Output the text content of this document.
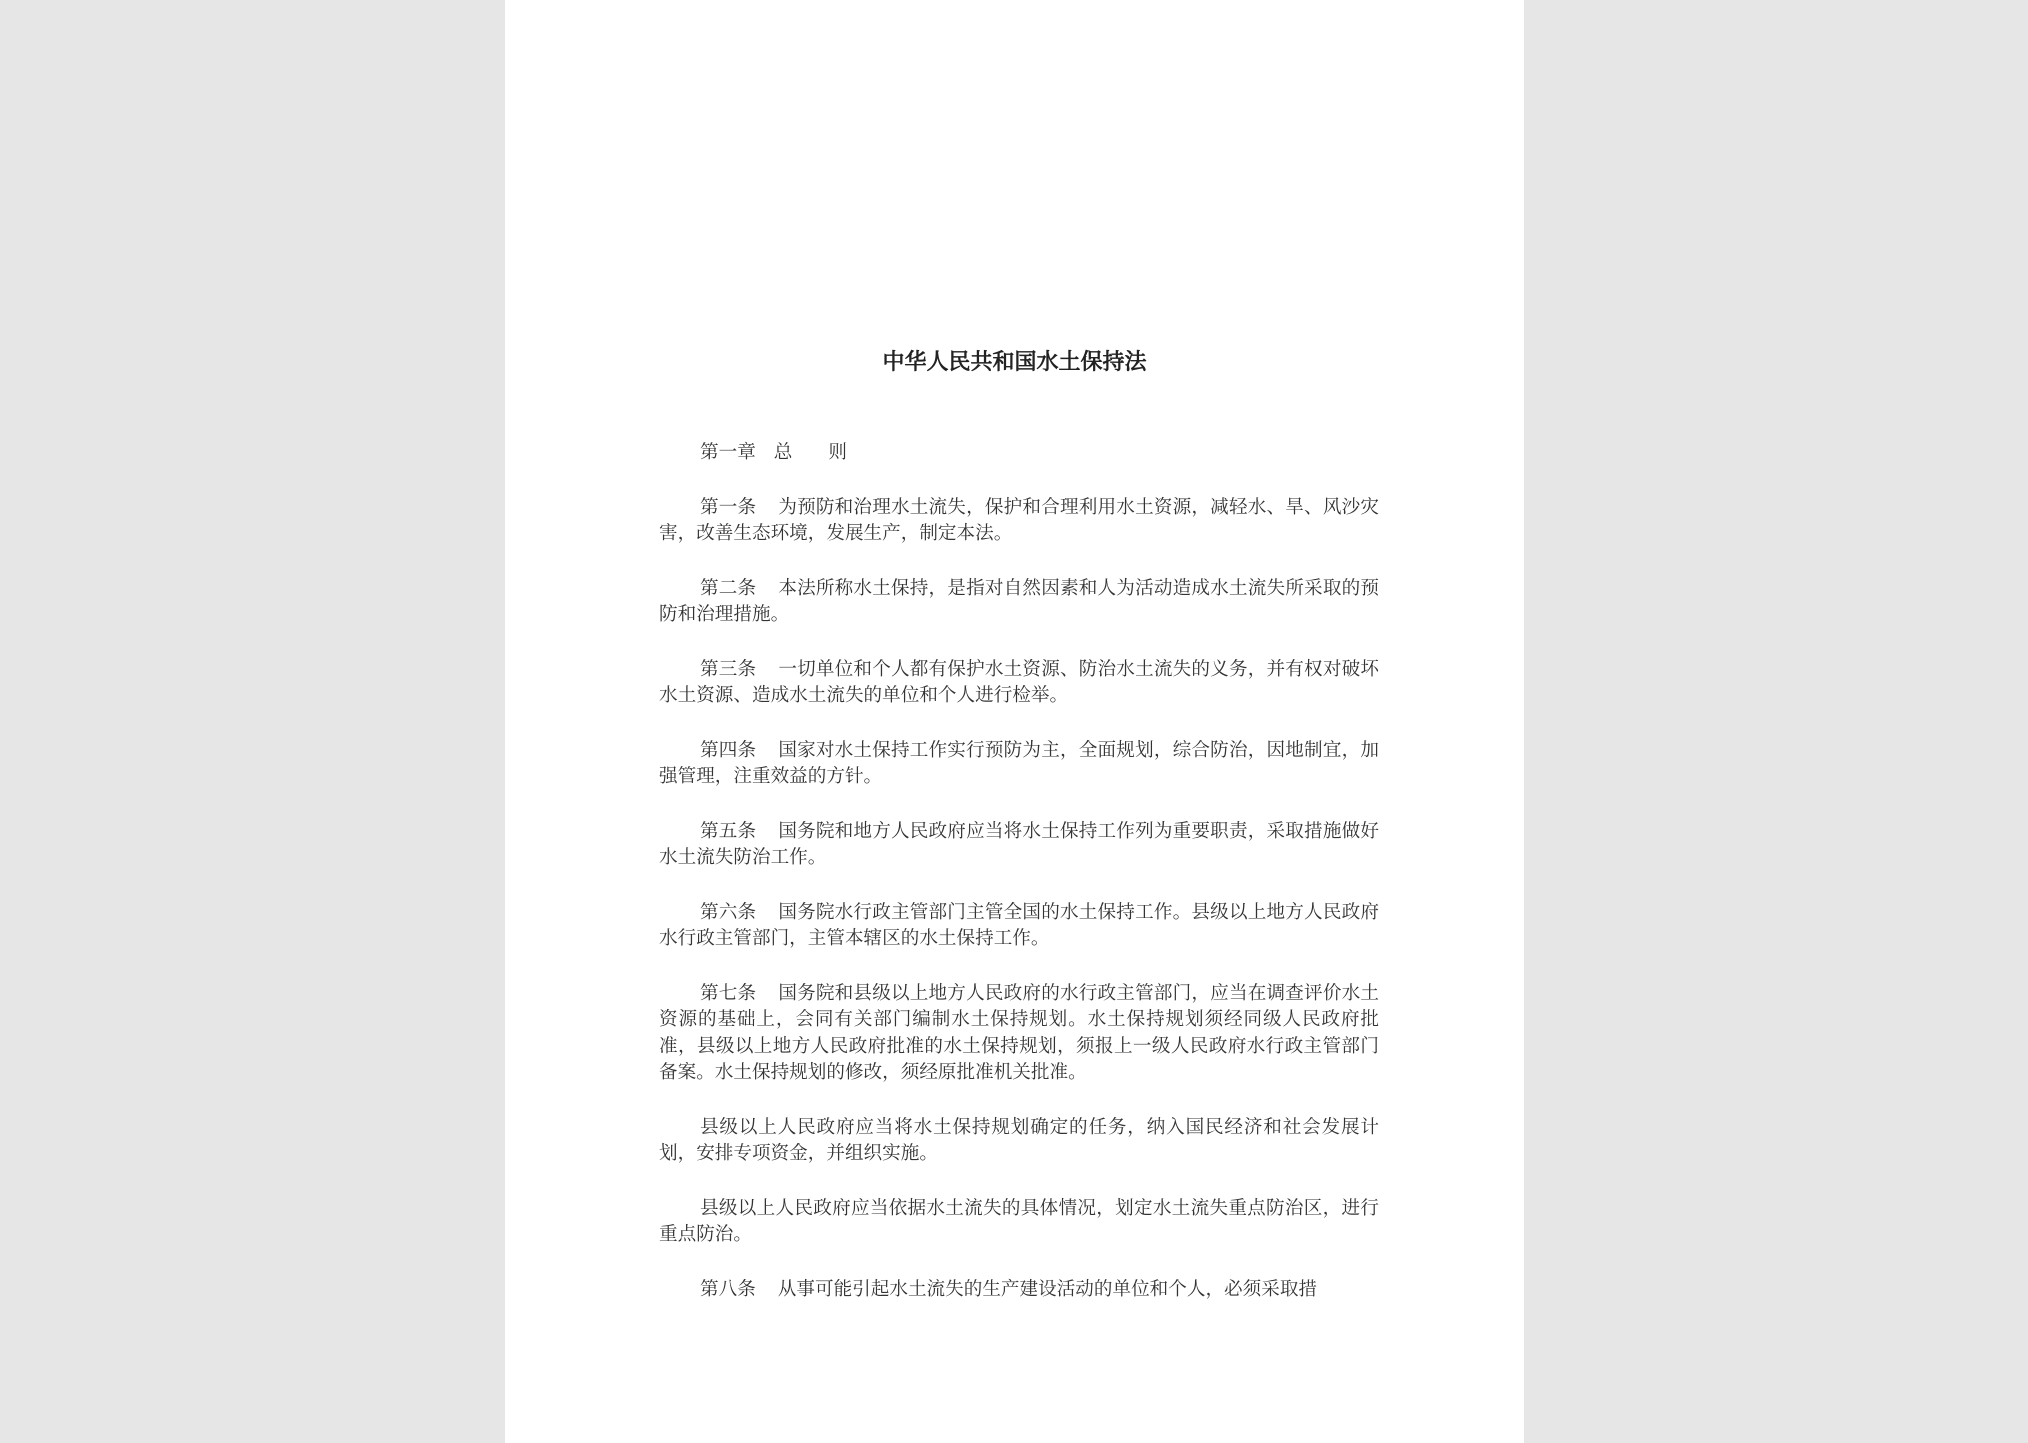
中华人民共和国水土保持法

第一章 总 则

第一条 为预防和治理水土流失，保护和合理利用水土资源，减轻水、旱、风沙灾害，改善生态环境，发展生产，制定本法。

第二条 本法所称水土保持，是指对自然因素和人为活动造成水土流失所采取的预防和治理措施。

第三条 一切单位和个人都有保护水土资源、防治水土流失的义务，并有权对破坏水土资源、造成水土流失的单位和个人进行检举。

第四条 国家对水土保持工作实行预防为主，全面规划，综合防治，因地制宜，加强管理，注重效益的方针。

第五条 国务院和地方人民政府应当将水土保持工作列为重要职责，采取措施做好水土流失防治工作。

第六条 国务院水行政主管部门主管全国的水土保持工作。县级以上地方人民政府水行政主管部门，主管本辖区的水土保持工作。

第七条 国务院和县级以上地方人民政府的水行政主管部门，应当在调查评价水土资源的基础上，会同有关部门编制水土保持规划。水土保持规划须经同级人民政府批准，县级以上地方人民政府批准的水土保持规划，须报上一级人民政府水行政主管部门备案。水土保持规划的修改，须经原批准机关批准。

县级以上人民政府应当将水土保持规划确定的任务，纳入国民经济和社会发展计划，安排专项资金，并组织实施。

县级以上人民政府应当依据水土流失的具体情况，划定水土流失重点防治区，进行重点防治。

第八条 从事可能引起水土流失的生产建设活动的单位和个人，必须采取措
